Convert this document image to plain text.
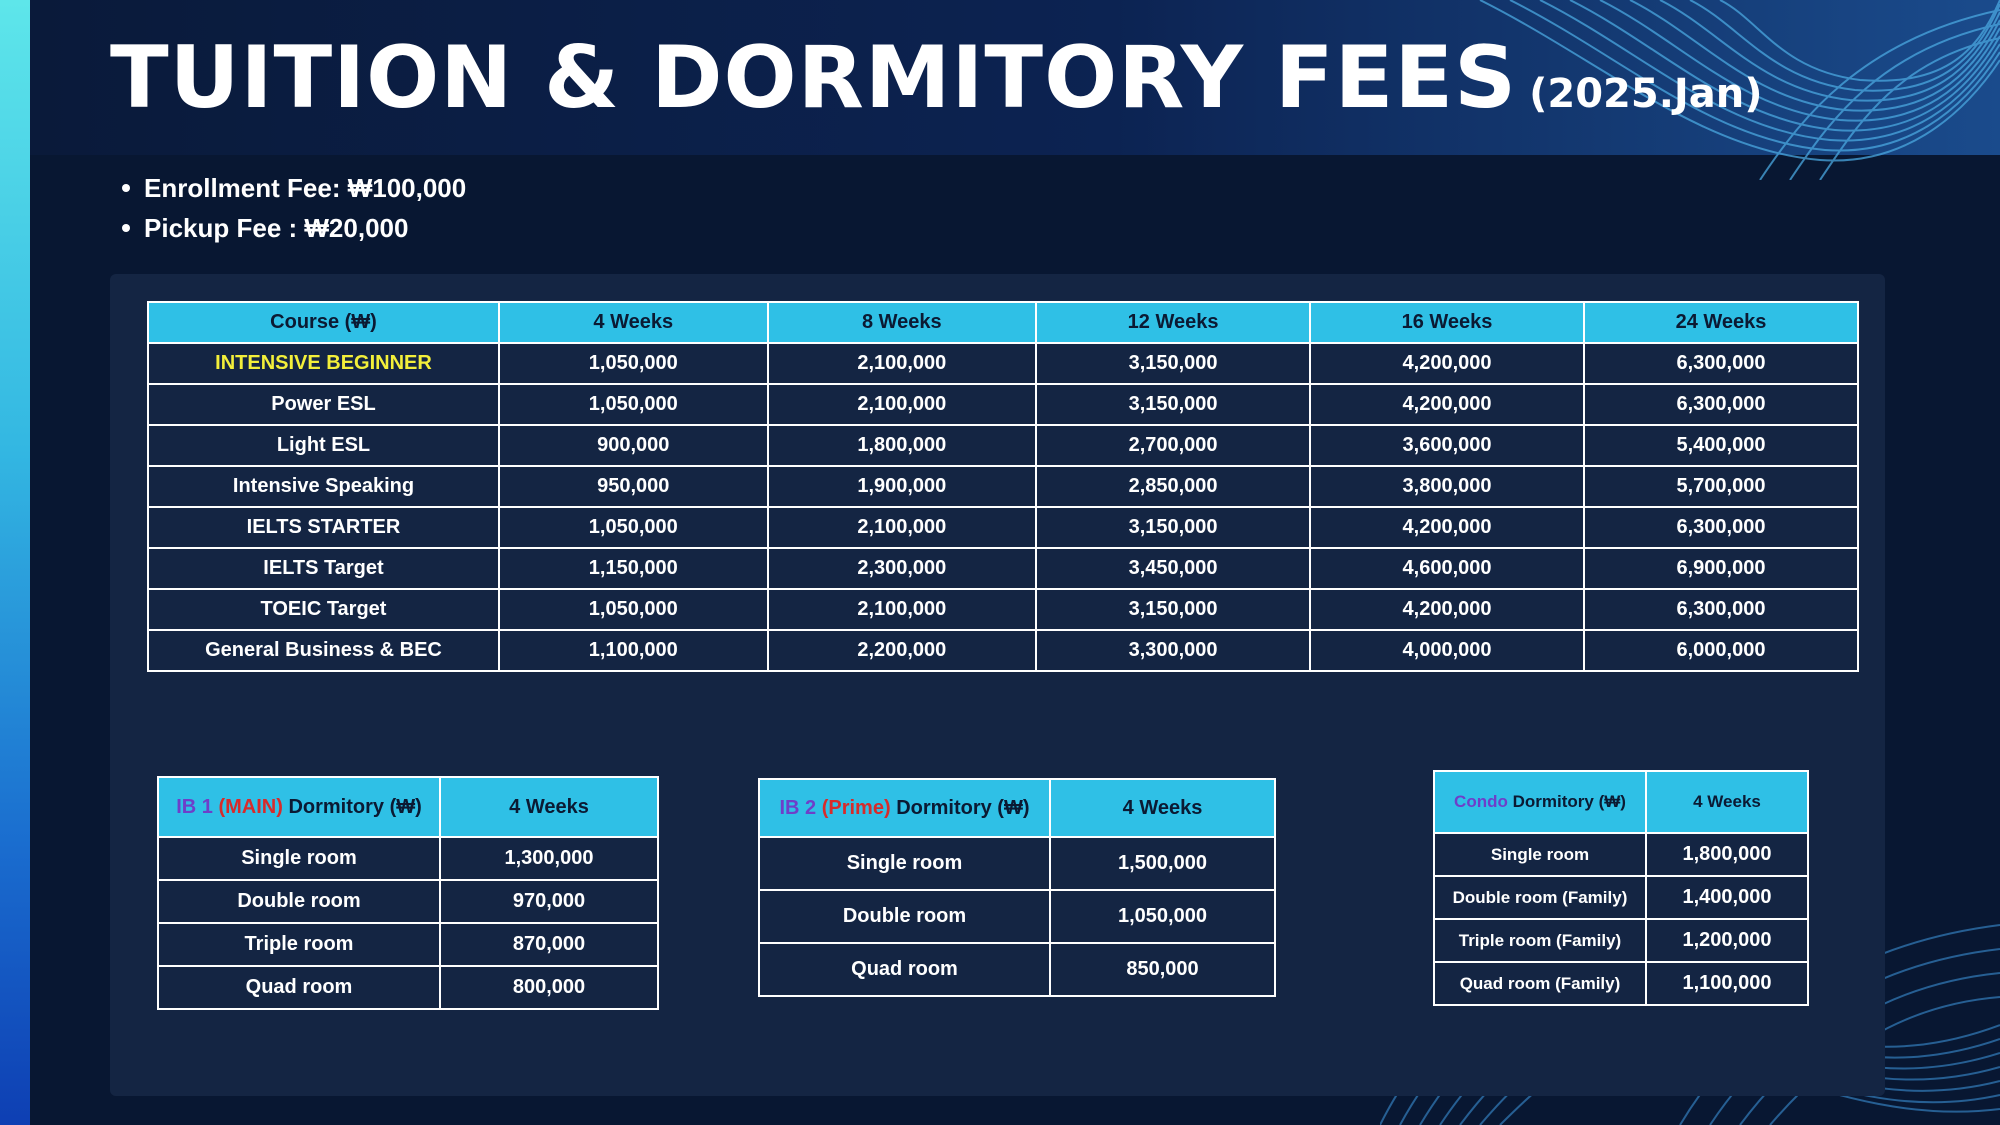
TUITION & DORMITORY FEES (2025.Jan)
Enrollment Fee: ₩100,000
Pickup Fee : ₩20,000
Course (₩)	4 Weeks	8 Weeks	12 Weeks	16 Weeks	24 Weeks
INTENSIVE BEGINNER	1,050,000	2,100,000	3,150,000	4,200,000	6,300,000
Power ESL	1,050,000	2,100,000	3,150,000	4,200,000	6,300,000
Light ESL	900,000	1,800,000	2,700,000	3,600,000	5,400,000
Intensive Speaking	950,000	1,900,000	2,850,000	3,800,000	5,700,000
IELTS STARTER	1,050,000	2,100,000	3,150,000	4,200,000	6,300,000
IELTS Target	1,150,000	2,300,000	3,450,000	4,600,000	6,900,000
TOEIC Target	1,050,000	2,100,000	3,150,000	4,200,000	6,300,000
General Business & BEC	1,100,000	2,200,000	3,300,000	4,000,000	6,000,000
IB 1 (MAIN) Dormitory (₩)	4 Weeks
Single room	1,300,000
Double room	970,000
Triple room	870,000
Quad room	800,000
IB 2 (Prime) Dormitory (₩)	4 Weeks
Single room	1,500,000
Double room	1,050,000
Quad room	850,000
Condo Dormitory (₩)	4 Weeks
Single room	1,800,000
Double room (Family)	1,400,000
Triple room (Family)	1,200,000
Quad room (Family)	1,100,000
